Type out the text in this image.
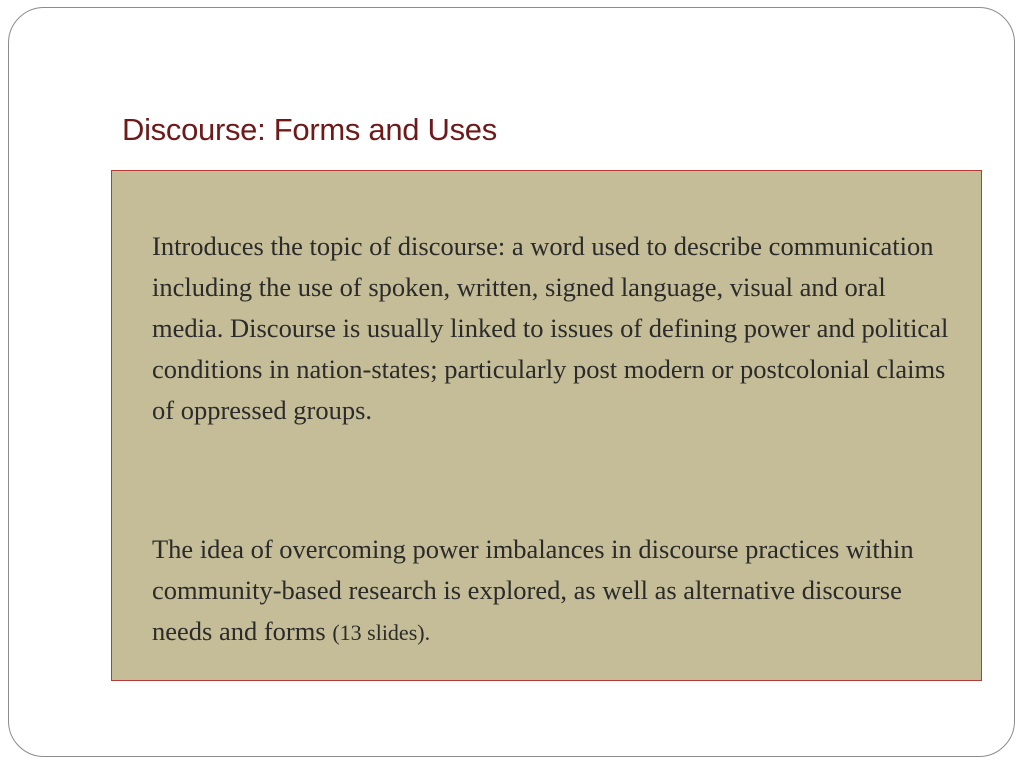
Discourse: Forms and Uses

Introduces the topic of discourse: a word used to describe communication including the use of spoken, written, signed language, visual and oral media. Discourse is usually linked to issues of defining power and political conditions in nation-states; particularly post modern or postcolonial claims of oppressed groups.

The idea of overcoming power imbalances in discourse practices within community-based research is explored, as well as alternative discourse needs and forms (13 slides).
